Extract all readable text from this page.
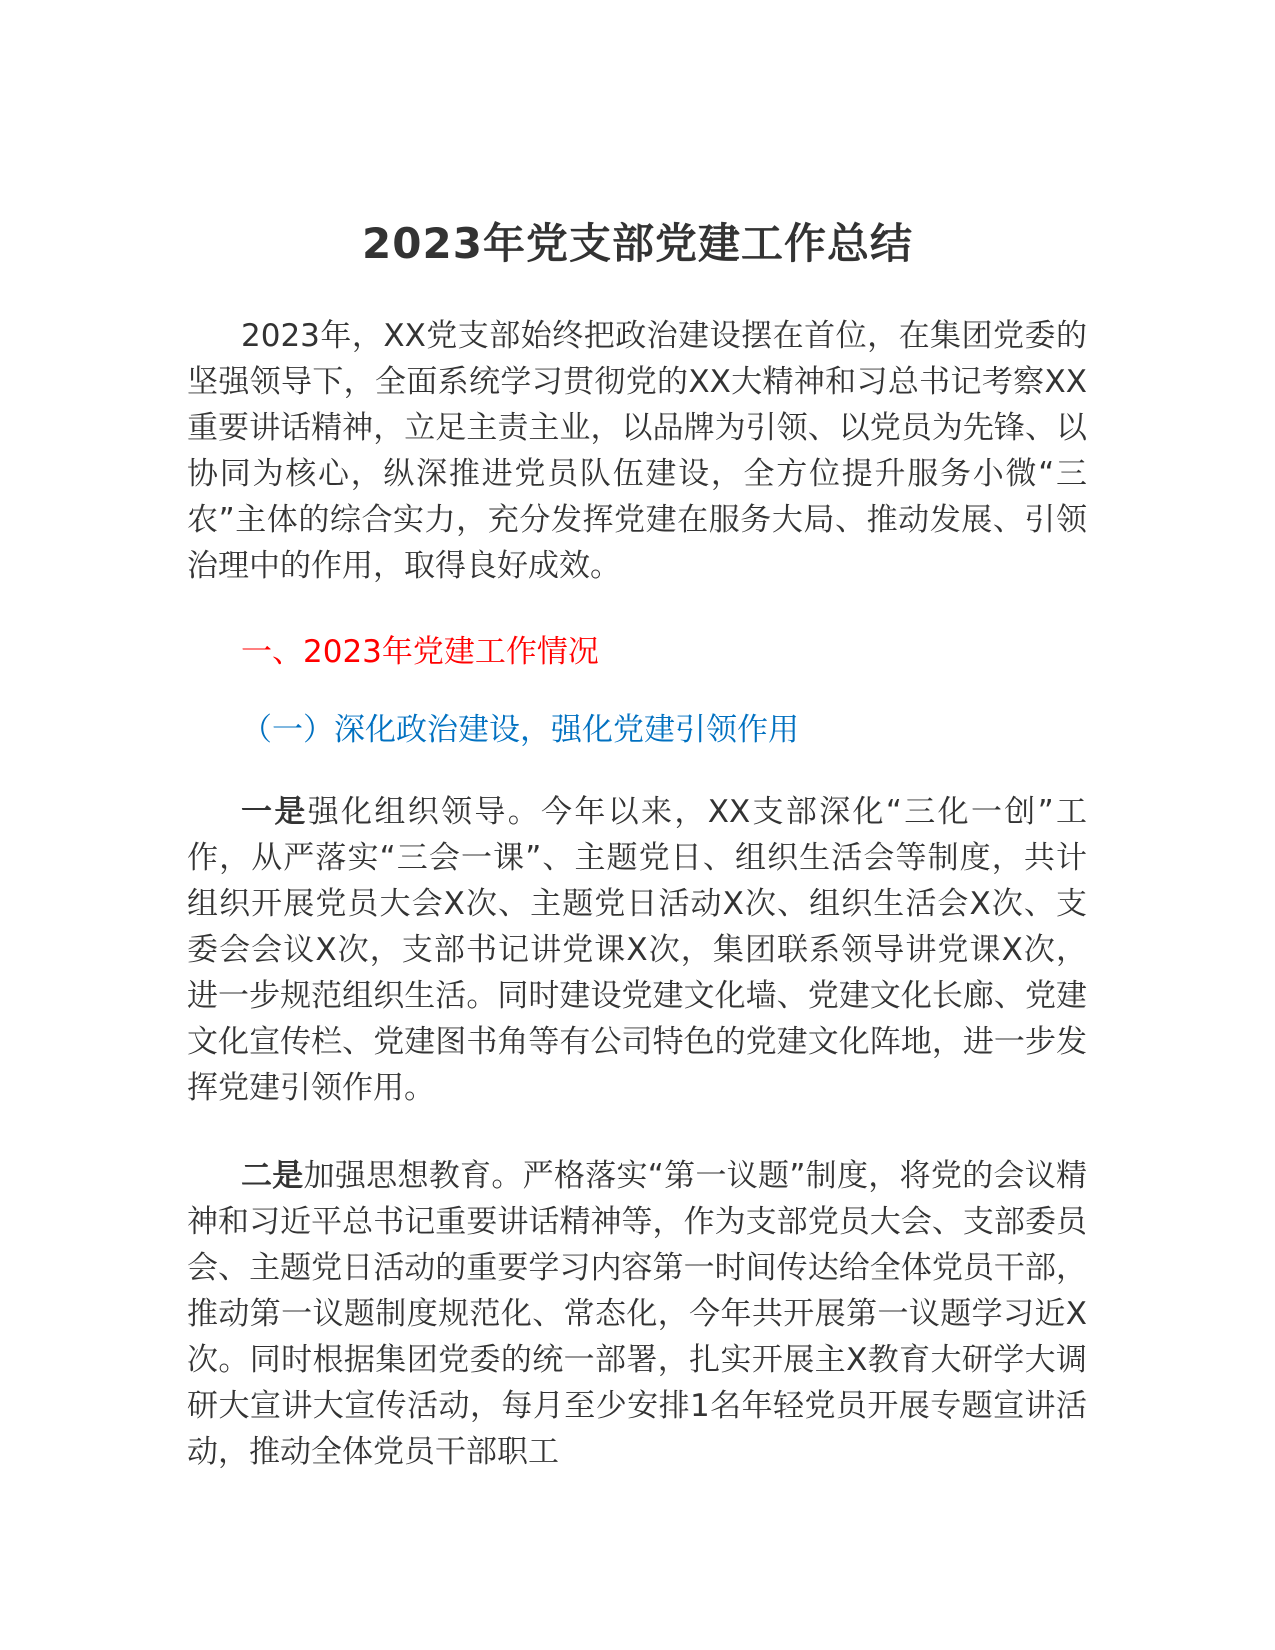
2023年党支部党建工作总结

2023年，XX党支部始终把政治建设摆在首位，在集团党委的坚强领导下，全面系统学习贯彻党的XX大精神和习总书记考察XX重要讲话精神，立足主责主业，以品牌为引领、以党员为先锋、以协同为核心，纵深推进党员队伍建设，全方位提升服务小微“三农”主体的综合实力，充分发挥党建在服务大局、推动发展、引领治理中的作用，取得良好成效。

一、2023年党建工作情况

（一）深化政治建设，强化党建引领作用

一是强化组织领导。今年以来，XX支部深化“三化一创”工作，从严落实“三会一课”、主题党日、组织生活会等制度，共计组织开展党员大会X次、主题党日活动X次、组织生活会X次、支委会会议X次，支部书记讲党课X次，集团联系领导讲党课X次，进一步规范组织生活。同时建设党建文化墙、党建文化长廊、党建文化宣传栏、党建图书角等有公司特色的党建文化阵地，进一步发挥党建引领作用。

二是加强思想教育。严格落实“第一议题”制度，将党的会议精神和习近平总书记重要讲话精神等，作为支部党员大会、支部委员会、主题党日活动的重要学习内容第一时间传达给全体党员干部，推动第一议题制度规范化、常态化，今年共开展第一议题学习近X次。同时根据集团党委的统一部署，扎实开展主X教育大研学大调研大宣讲大宣传活动，每月至少安排1名年轻党员开展专题宣讲活动，推动全体党员干部职工
